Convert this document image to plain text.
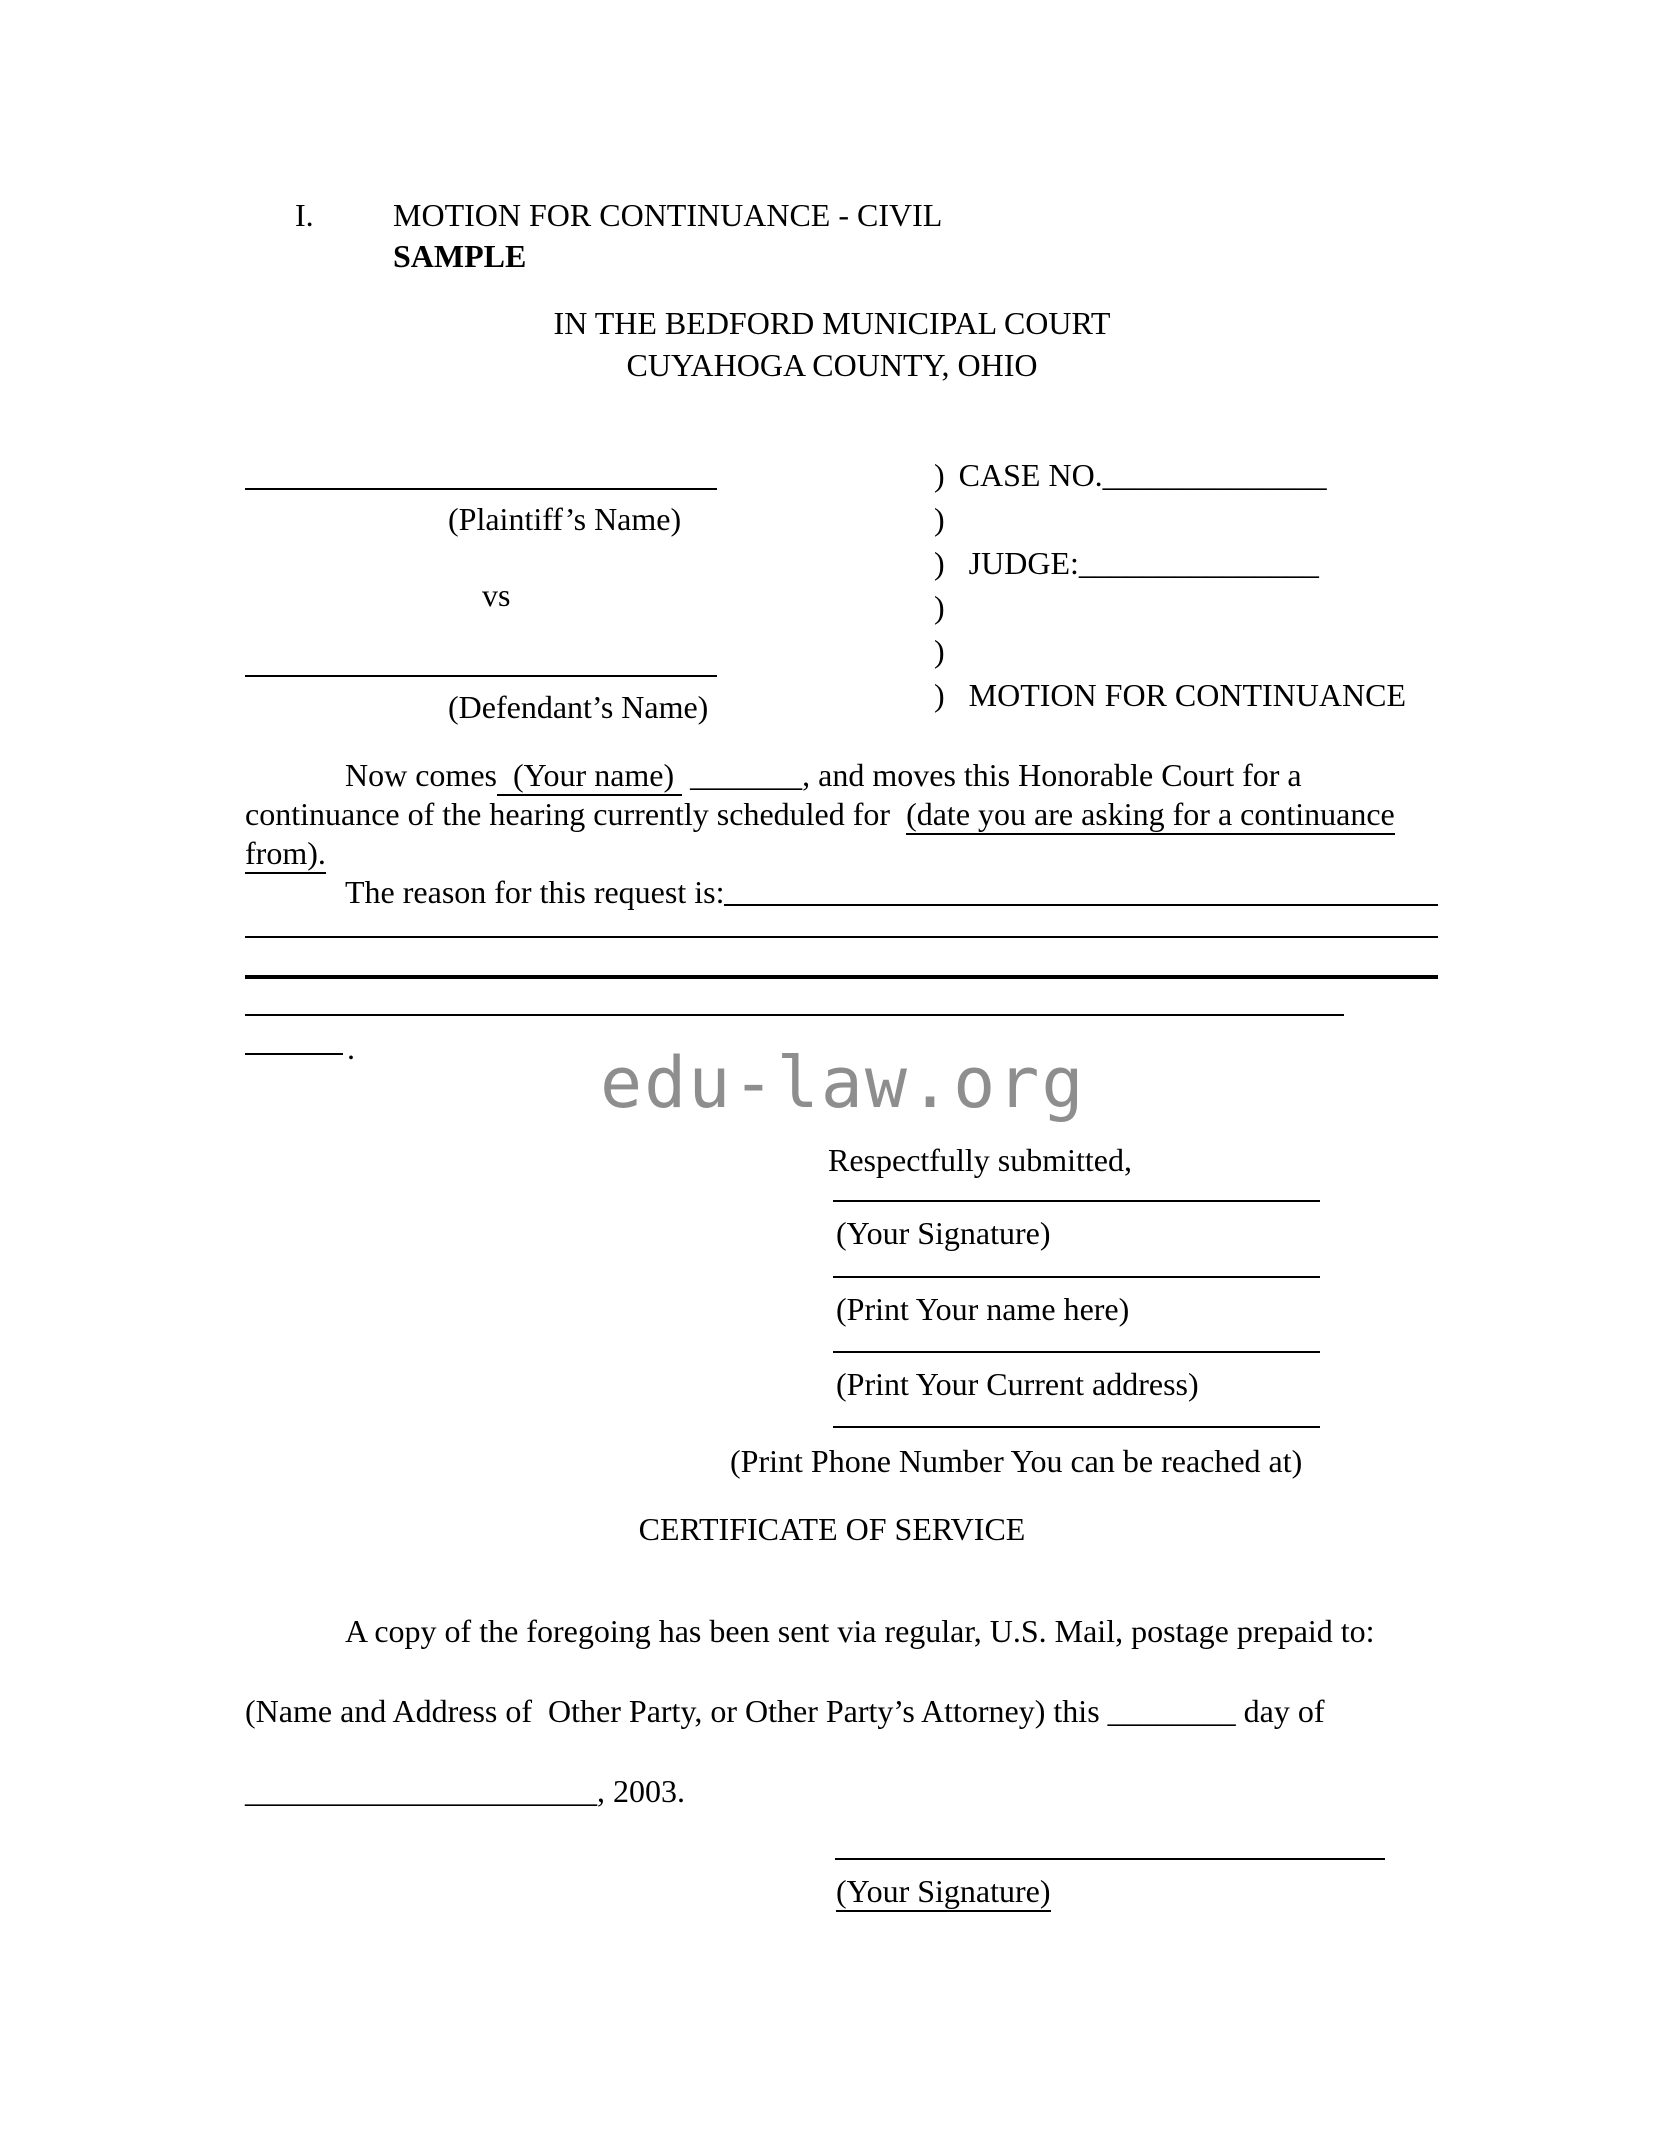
I. MOTION FOR CONTINUANCE - CIVIL
SAMPLE
IN THE BEDFORD MUNICIPAL COURT
CUYAHOGA COUNTY, OHIO
(Plaintiff’s Name)
vs
(Defendant’s Name)
) CASE NO.______________
)
) JUDGE:_______________
)
)
) MOTION FOR CONTINUANCE
Now comes  (Your name)  _______, and moves this Honorable Court for a
continuance of the hearing currently scheduled for  (date you are asking for a continuance
from).
The reason for this request is:
.	edu-law.org
Respectfully submitted,
(Your Signature)
(Print Your name here)
(Print Your Current address)
(Print Phone Number You can be reached at)
CERTIFICATE OF SERVICE
A copy of the foregoing has been sent via regular, U.S. Mail, postage prepaid to:
(Name and Address of  Other Party, or Other Party’s Attorney) this ________ day of
______________________, 2003.
(Your Signature)
